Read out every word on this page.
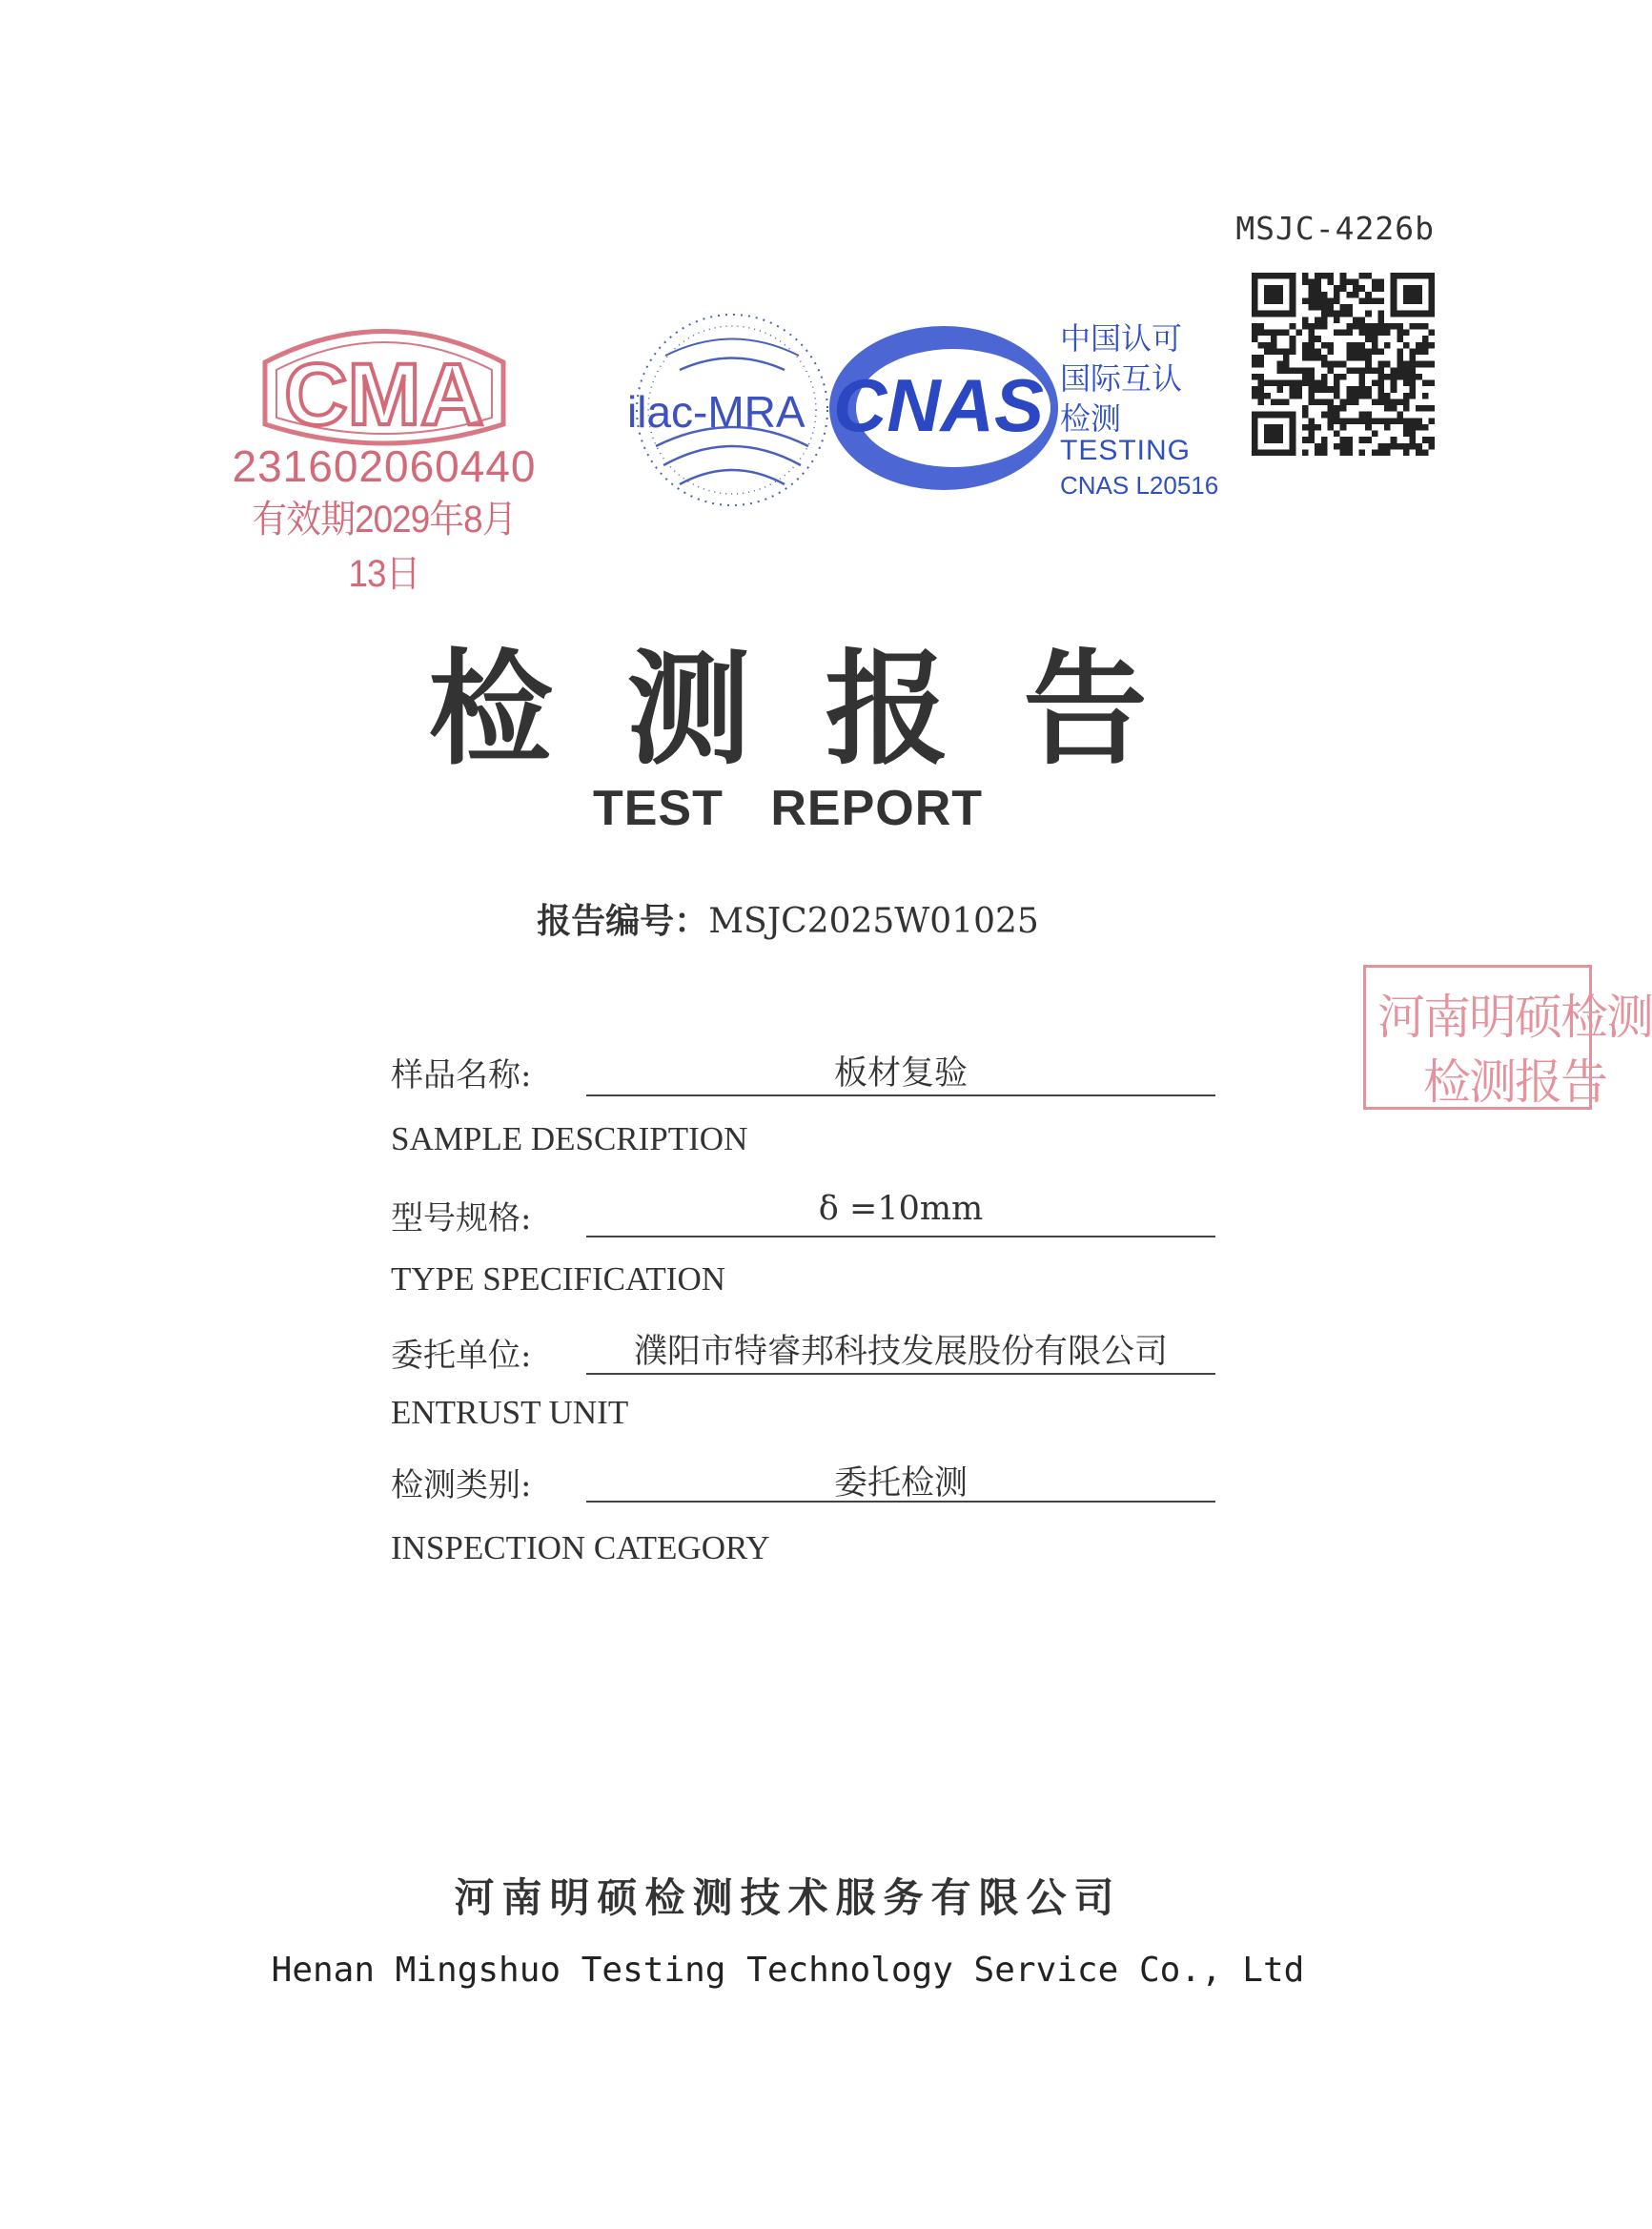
MSJC-4226b
CMA
231602060440
有效期2029年8月13日
ilac-MRA CNAS
中国认可
国际互认
检测
TESTING
CNAS L20516
检测报告
TEST REPORT
报告编号：MSJC2025W01025
河南明硕检测
检测报告
样品名称:	板材复验
SAMPLE DESCRIPTION
型号规格:	δ =10mm
TYPE SPECIFICATION
委托单位:	濮阳市特睿邦科技发展股份有限公司
ENTRUST UNIT
检测类别:	委托检测
INSPECTION CATEGORY
河南明硕检测技术服务有限公司
Henan Mingshuo Testing Technology Service Co., Ltd
